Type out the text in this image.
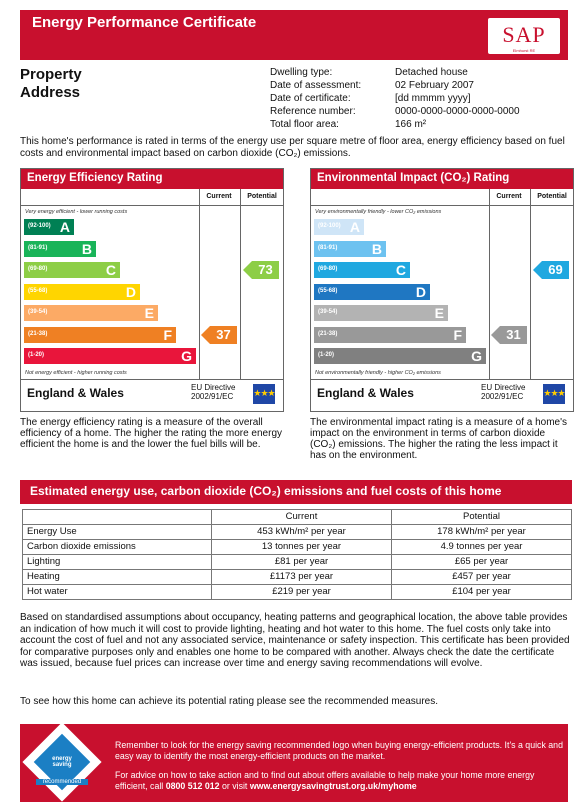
Energy Performance Certificate	SAP
Elmhurst RE
Property
Address
Dwelling type:	Detached house
Date of assessment:	02 February 2007
Date of certificate:	[dd mmmm yyyy]
Reference number:	0000-0000-0000-0000-0000
Total floor area:	166 m²
This home's performance is rated in terms of the energy use per square metre of floor area, energy efficiency based on fuel costs and environmental impact based on carbon dioxide (CO₂) emissions.
Energy Efficiency Rating
Current	Potential
Very energy efficient - lower running costs
(92-100) A
(81-91) B
(69-80)	C
(55-68)	D
(39-54)	E
(21-38)	F
(1-20)	G
Not energy efficient - higher running costs
England & Wales	EU Directive
2002/91/EC ★★★
37
73
Environmental Impact (CO₂) Rating
Current	Potential
Very environmentally friendly - lower CO₂ emissions
(92-100) A
(81-91) B
(69-80)	C
(55-68)	D
(39-54)	E
(21-38)	F
(1-20)	G
Not environmentally friendly - higher CO₂ emissions
England & Wales	EU Directive
2002/91/EC ★★★
31
69
The energy efficiency rating is a measure of the overall efficiency of a home. The higher the rating the more energy efficient the home is and the lower the fuel bills will be.
The environmental impact rating is a measure of a home's impact on the environment in terms of carbon dioxide (CO₂) emissions. The higher the rating the less impact it has on the environment.
Estimated energy use, carbon dioxide (CO₂) emissions and fuel costs of this home
	Current	Potential
Energy Use	453 kWh/m² per year	178 kWh/m² per year
Carbon dioxide emissions	13 tonnes per year	4.9 tonnes per year
Lighting	£81 per year	£65 per year
Heating	£1173 per year	£457 per year
Hot water	£219 per year	£104 per year
Based on standardised assumptions about occupancy, heating patterns and geographical location, the above table provides an indication of how much it will cost to provide lighting, heating and hot water to this home. The fuel costs only take into account the cost of fuel and not any associated service, maintenance or safety inspection. This certificate has been provided for comparative purposes only and enables one home to be compared with another. Always check the date the certificate was issued, because fuel prices can increase over time and energy saving recommendations will evolve.
To see how this home can achieve its potential rating please see the recommended measures.
energy saving
recommended
Remember to look for the energy saving recommended logo when buying energy-efficient products. It's a quick and easy way to identify the most energy-efficient products on the market.
For advice on how to take action and to find out about offers available to help make your home more energy efficient, call 0800 512 012 or visit www.energysavingtrust.org.uk/myhome
